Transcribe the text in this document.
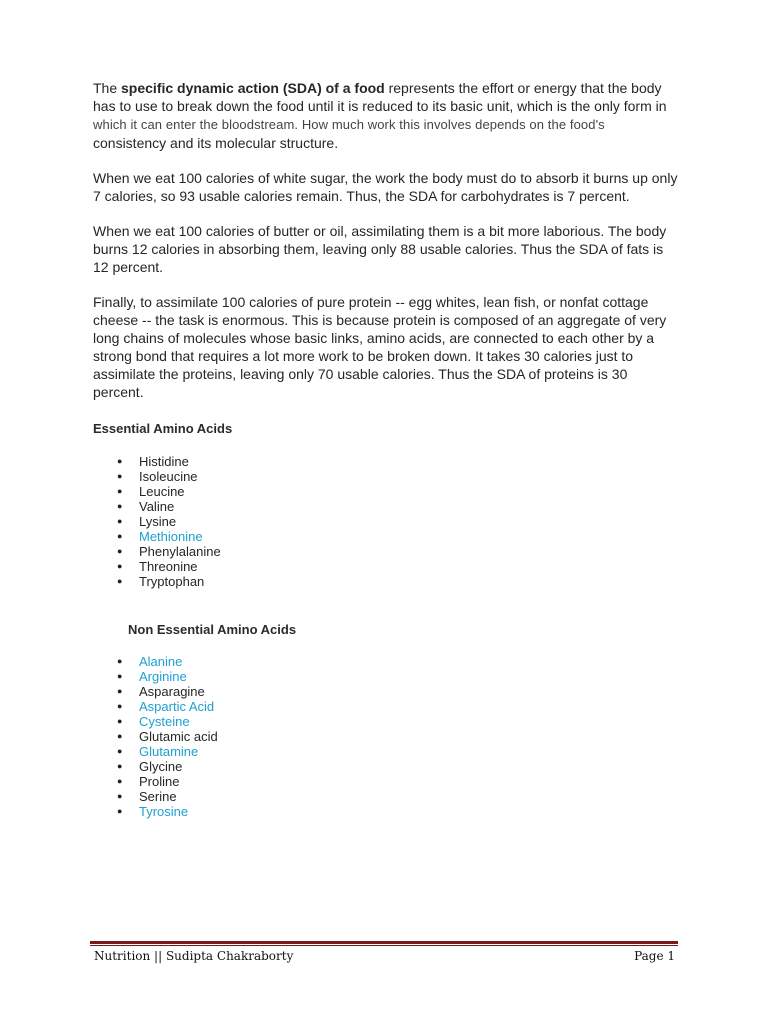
The specific dynamic action (SDA) of a food represents the effort or energy that the body has to use to break down the food until it is reduced to its basic unit, which is the only form in which it can enter the bloodstream. How much work this involves depends on the food's consistency and its molecular structure.

When we eat 100 calories of white sugar, the work the body must do to absorb it burns up only 7 calories, so 93 usable calories remain. Thus, the SDA for carbohydrates is 7 percent.

When we eat 100 calories of butter or oil, assimilating them is a bit more laborious. The body burns 12 calories in absorbing them, leaving only 88 usable calories. Thus the SDA of fats is 12 percent.

Finally, to assimilate 100 calories of pure protein -- egg whites, lean fish, or nonfat cottage cheese -- the task is enormous. This is because protein is composed of an aggregate of very long chains of molecules whose basic links, amino acids, are connected to each other by a strong bond that requires a lot more work to be broken down. It takes 30 calories just to assimilate the proteins, leaving only 70 usable calories. Thus the SDA of proteins is 30 percent.

Essential Amino Acids

● Histidine
● Isoleucine
● Leucine
● Valine
● Lysine
● Methionine
● Phenylalanine
● Threonine
● Tryptophan

Non Essential Amino Acids

● Alanine
● Arginine
● Asparagine
● Aspartic Acid
● Cysteine
● Glutamic acid
● Glutamine
● Glycine
● Proline
● Serine
● Tyrosine
Nutrition || Sudipta Chakraborty	Page 1
